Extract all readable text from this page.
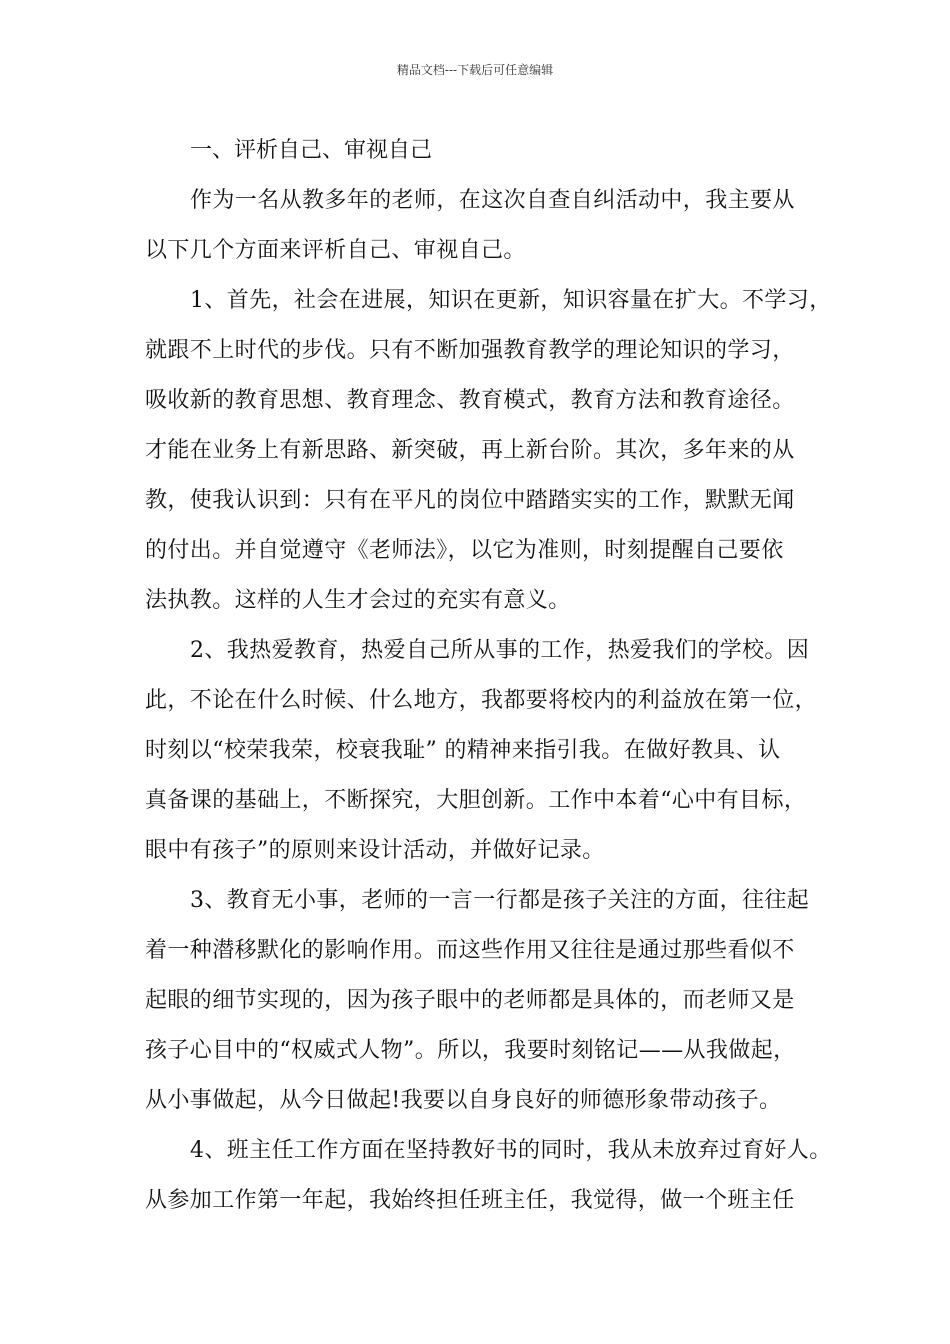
精品文档---下载后可任意编辑
一、评析自己、审视自己
作为一名从教多年的老师，在这次自查自纠活动中，我主要从
以下几个方面来评析自己、审视自己。
1、首先，社会在进展，知识在更新，知识容量在扩大。不学习，
就跟不上时代的步伐。只有不断加强教育教学的理论知识的学习，
吸收新的教育思想、教育理念、教育模式，教育方法和教育途径。
才能在业务上有新思路、新突破，再上新台阶。其次，多年来的从
教，使我认识到：只有在平凡的岗位中踏踏实实的工作，默默无闻
的付出。并自觉遵守《老师法》，以它为准则，时刻提醒自己要依
法执教。这样的人生才会过的充实有意义。
2、我热爱教育，热爱自己所从事的工作，热爱我们的学校。因
此，不论在什么时候、什么地方，我都要将校内的利益放在第一位，
时刻以“校荣我荣，校衰我耻” 的精神来指引我。在做好教具、认
真备课的基础上，不断探究，大胆创新。工作中本着“心中有目标，
眼中有孩子”的原则来设计活动，并做好记录。
3、教育无小事，老师的一言一行都是孩子关注的方面，往往起
着一种潜移默化的影响作用。而这些作用又往往是通过那些看似不
起眼的细节实现的，因为孩子眼中的老师都是具体的，而老师又是
孩子心目中的“权威式人物”。所以，我要时刻铭记——从我做起，
从小事做起，从今日做起!我要以自身良好的师德形象带动孩子。
4、班主任工作方面在坚持教好书的同时，我从未放弃过育好人。
从参加工作第一年起，我始终担任班主任，我觉得，做一个班主任
